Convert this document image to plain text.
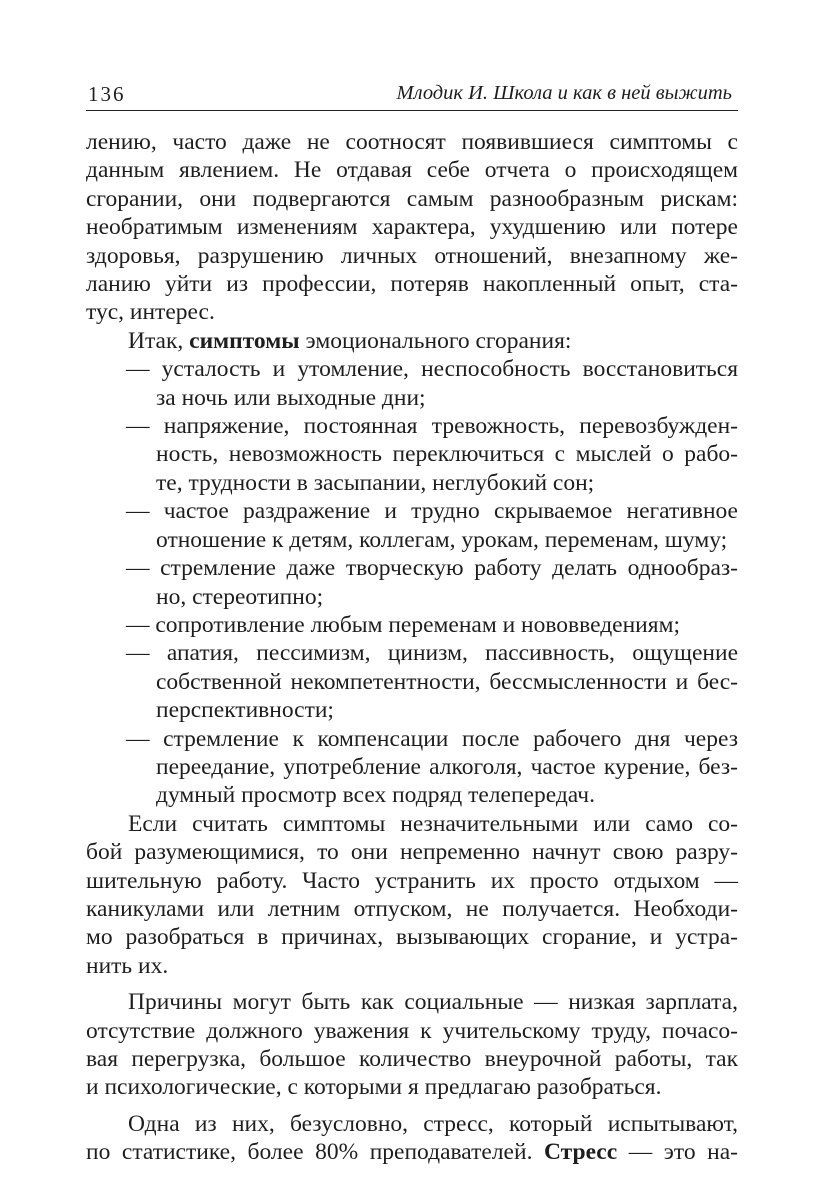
136	Млодик И. Школа и как в ней выжить
лению, часто даже не соотносят появившиеся симптомы с
данным явлением. Не отдавая себе отчета о происходящем
сгорании, они подвергаются самым разнообразным рискам:
необратимым изменениям характера, ухудшению или потере
здоровья, разрушению личных отношений, внезапному же-
ланию уйти из профессии, потеряв накопленный опыт, ста-
тус, интерес.

Итак, симптомы эмоционального сгорания:

— усталость и утомление, неспособность восстановиться
за ночь или выходные дни;
— напряжение, постоянная тревожность, перевозбужден-
ность, невозможность переключиться с мыслей о рабо-
те, трудности в засыпании, неглубокий сон;
— частое раздражение и трудно скрываемое негативное
отношение к детям, коллегам, урокам, переменам, шуму;
— стремление даже творческую работу делать однообраз-
но, стереотипно;
— сопротивление любым переменам и нововведениям;
— апатия, пессимизм, цинизм, пассивность, ощущение
собственной некомпетентности, бессмысленности и бес-
перспективности;
— стремление к компенсации после рабочего дня через
переедание, употребление алкоголя, частое курение, без-
думный просмотр всех подряд телепередач.
Если считать симптомы незначительными или само со-
бой разумеющимися, то они непременно начнут свою разру-
шительную работу. Часто устранить их просто отдыхом —
каникулами или летним отпуском, не получается. Необходи-
мо разобраться в причинах, вызывающих сгорание, и устра-
нить их.
Причины могут быть как социальные — низкая зарплата,
отсутствие должного уважения к учительскому труду, почасо-
вая перегрузка, большое количество внеурочной работы, так
и психологические, с которыми я предлагаю разобраться.
Одна из них, безусловно, стресс, который испытывают,
по статистике, более 80% преподавателей. Стресс — это на-
